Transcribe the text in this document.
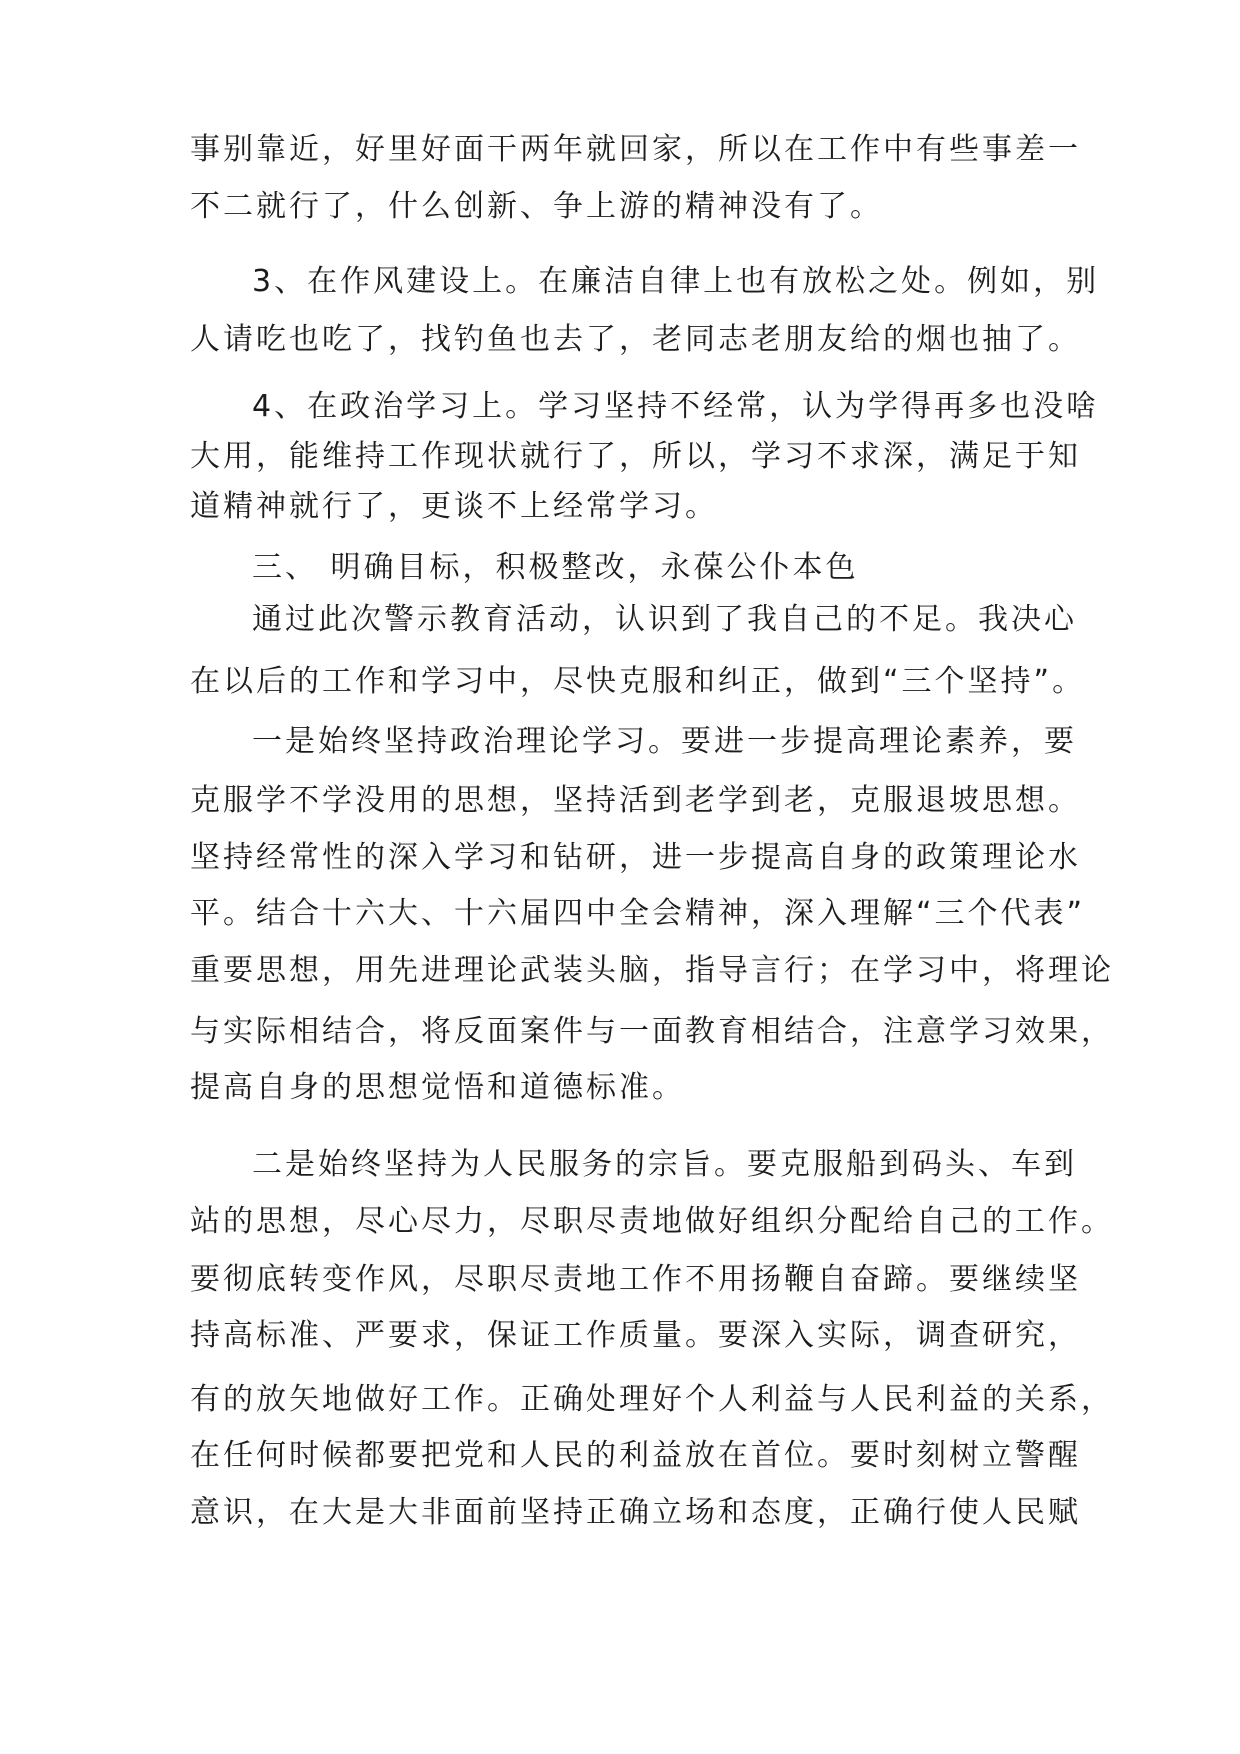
事别靠近，好里好面干两年就回家，所以在工作中有些事差一
不二就行了，什么创新、争上游的精神没有了。
3、在作风建设上。在廉洁自律上也有放松之处。例如，别
人请吃也吃了，找钓鱼也去了，老同志老朋友给的烟也抽了。
4、在政治学习上。学习坚持不经常，认为学得再多也没啥
大用，能维持工作现状就行了，所以，学习不求深，满足于知
道精神就行了，更谈不上经常学习。
三、 明确目标，积极整改，永葆公仆本色
通过此次警示教育活动，认识到了我自己的不足。我决心
在以后的工作和学习中，尽快克服和纠正，做到“三个坚持”。
一是始终坚持政治理论学习。要进一步提高理论素养，要
克服学不学没用的思想，坚持活到老学到老，克服退坡思想。
坚持经常性的深入学习和钻研，进一步提高自身的政策理论水
平。结合十六大、十六届四中全会精神，深入理解“三个代表”
重要思想，用先进理论武装头脑，指导言行；在学习中，将理论
与实际相结合，将反面案件与一面教育相结合，注意学习效果，
提高自身的思想觉悟和道德标准。
二是始终坚持为人民服务的宗旨。要克服船到码头、车到
站的思想，尽心尽力，尽职尽责地做好组织分配给自己的工作。
要彻底转变作风，尽职尽责地工作不用扬鞭自奋蹄。要继续坚
持高标准、严要求，保证工作质量。要深入实际，调查研究，
有的放矢地做好工作。正确处理好个人利益与人民利益的关系，
在任何时候都要把党和人民的利益放在首位。要时刻树立警醒
意识，在大是大非面前坚持正确立场和态度，正确行使人民赋
